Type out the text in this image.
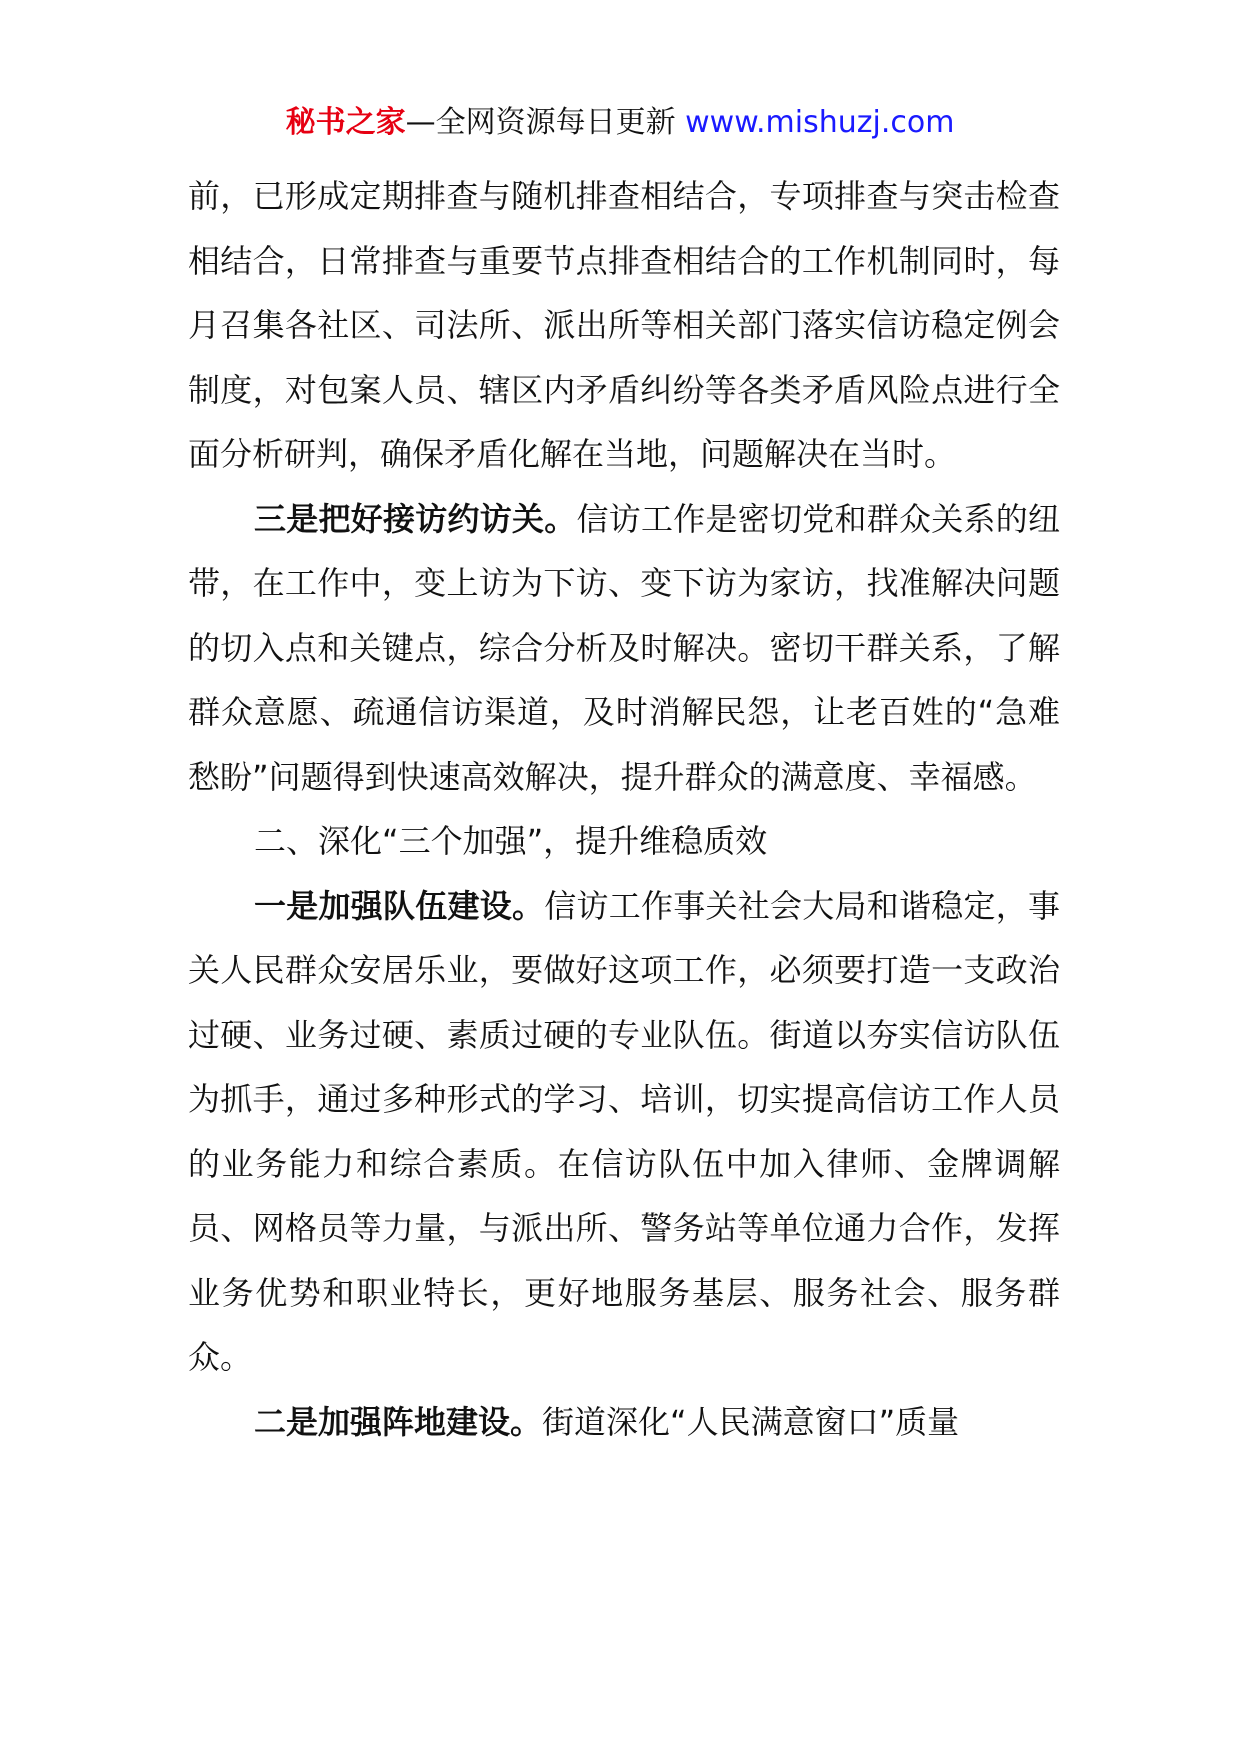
秘书之家—全网资源每日更新 www.mishuzj.com

前，已形成定期排查与随机排查相结合，专项排查与突击检查相结合，日常排查与重要节点排查相结合的工作机制同时，每月召集各社区、司法所、派出所等相关部门落实信访稳定例会制度，对包案人员、辖区内矛盾纠纷等各类矛盾风险点进行全面分析研判，确保矛盾化解在当地，问题解决在当时。

三是把好接访约访关。信访工作是密切党和群众关系的纽带，在工作中，变上访为下访、变下访为家访，找准解决问题的切入点和关键点，综合分析及时解决。密切干群关系，了解群众意愿、疏通信访渠道，及时消解民怨，让老百姓的“急难愁盼”问题得到快速高效解决，提升群众的满意度、幸福感。

二、深化“三个加强”，提升维稳质效

一是加强队伍建设。信访工作事关社会大局和谐稳定，事关人民群众安居乐业，要做好这项工作，必须要打造一支政治过硬、业务过硬、素质过硬的专业队伍。街道以夯实信访队伍为抓手，通过多种形式的学习、培训，切实提高信访工作人员的业务能力和综合素质。在信访队伍中加入律师、金牌调解员、网格员等力量，与派出所、警务站等单位通力合作，发挥业务优势和职业特长，更好地服务基层、服务社会、服务群众。

二是加强阵地建设。街道深化“人民满意窗口”质量
